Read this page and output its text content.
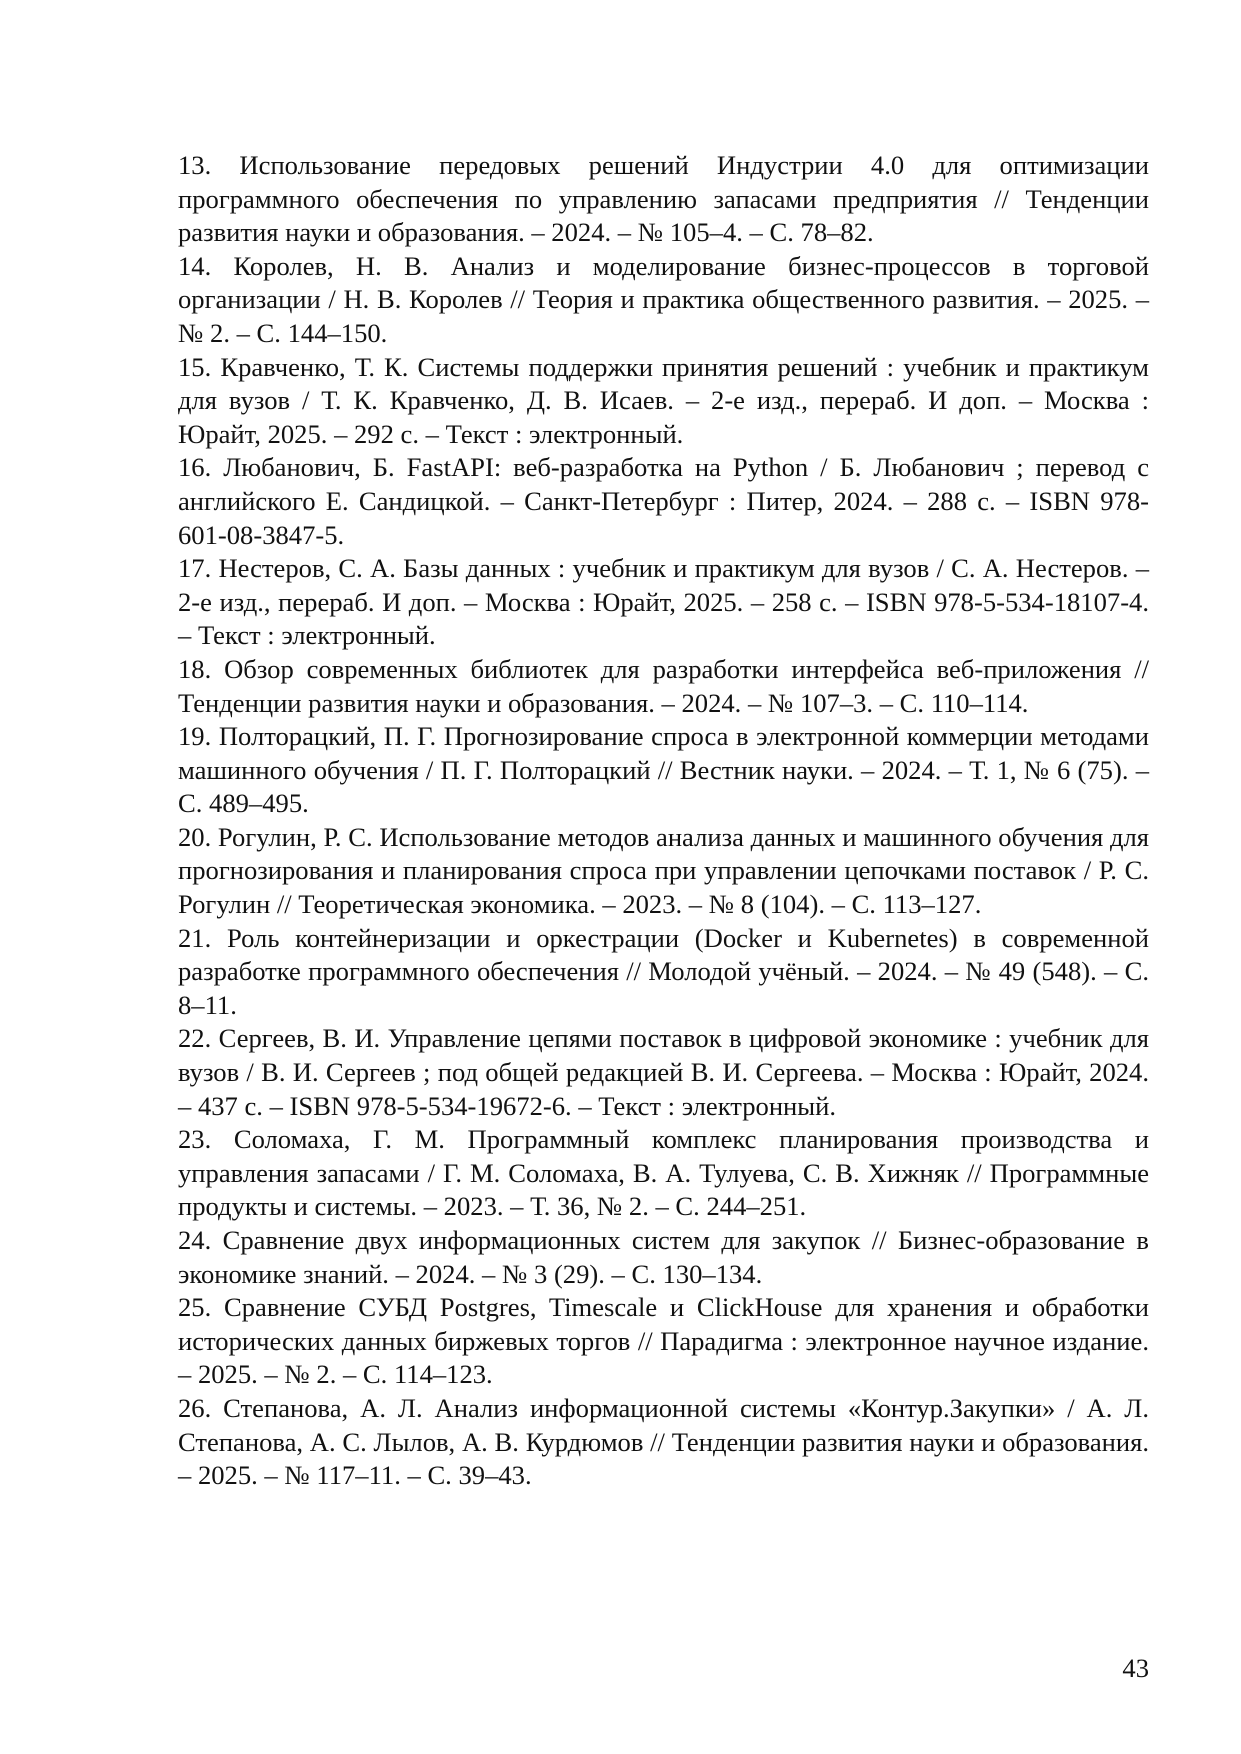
13. Использование передовых решений Индустрии 4.0 для оптимизации программного обеспечения по управлению запасами предприятия // Тенденции развития науки и образования. – 2024. – № 105–4. – С. 78–82.
14. Королев, Н. В. Анализ и моделирование бизнес-процессов в торговой организации / Н. В. Королев // Теория и практика общественного развития. – 2025. – № 2. – С. 144–150.
15. Кравченко, Т. К. Системы поддержки принятия решений : учебник и практикум для вузов / Т. К. Кравченко, Д. В. Исаев. – 2-е изд., перераб. И доп. – Москва : Юрайт, 2025. – 292 с. – Текст : электронный.
16. Любанович, Б. FastAPI: веб-разработка на Python / Б. Любанович ; перевод с английского Е. Сандицкой. – Санкт-Петербург : Питер, 2024. – 288 с. – ISBN 978-601-08-3847-5.
17. Нестеров, С. А. Базы данных : учебник и практикум для вузов / С. А. Нестеров. – 2-е изд., перераб. И доп. – Москва : Юрайт, 2025. – 258 с. – ISBN 978-5-534-18107-4. – Текст : электронный.
18. Обзор современных библиотек для разработки интерфейса веб-приложения // Тенденции развития науки и образования. – 2024. – № 107–3. – С. 110–114.
19. Полторацкий, П. Г. Прогнозирование спроса в электронной коммерции методами машинного обучения / П. Г. Полторацкий // Вестник науки. – 2024. – Т. 1, № 6 (75). – С. 489–495.
20. Рогулин, Р. С. Использование методов анализа данных и машинного обучения для прогнозирования и планирования спроса при управлении цепочками поставок / Р. С. Рогулин // Теоретическая экономика. – 2023. – № 8 (104). – С. 113–127.
21. Роль контейнеризации и оркестрации (Docker и Kubernetes) в современной разработке программного обеспечения // Молодой учёный. – 2024. – № 49 (548). – С. 8–11.
22. Сергеев, В. И. Управление цепями поставок в цифровой экономике : учебник для вузов / В. И. Сергеев ; под общей редакцией В. И. Сергеева. – Москва : Юрайт, 2024. – 437 с. – ISBN 978-5-534-19672-6. – Текст : электронный.
23. Соломаха, Г. М. Программный комплекс планирования производства и управления запасами / Г. М. Соломаха, В. А. Тулуева, С. В. Хижняк // Программные продукты и системы. – 2023. – Т. 36, № 2. – С. 244–251.
24. Сравнение двух информационных систем для закупок // Бизнес-образование в экономике знаний. – 2024. – № 3 (29). – С. 130–134.
25. Сравнение СУБД Postgres, Timescale и ClickHouse для хранения и обработки исторических данных биржевых торгов // Парадигма : электронное научное издание. – 2025. – № 2. – С. 114–123.
26. Степанова, А. Л. Анализ информационной системы «Контур.Закупки» / А. Л. Степанова, А. С. Лылов, А. В. Курдюмов // Тенденции развития науки и образования. – 2025. – № 117–11. – С. 39–43.
43
